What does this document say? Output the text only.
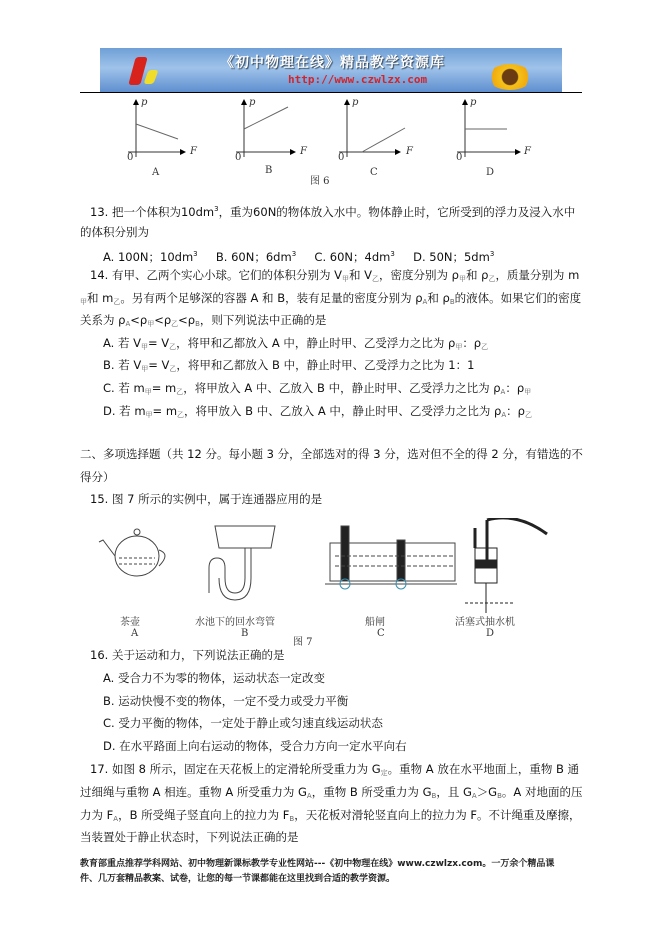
《初中物理在线》精品教学资源库
http://www.czwlzx.com
p	p	p	p
F	F	F	F
0	0	0	0
A	B	C	D
图 6
13. 把一个体积为$10dm^3$，重为60N的物体放入水中。物体静止时，它所受到的浮力及浸入水中
的体积分别为
A. 100N；$10dm^3$     B. 60N；$6dm^3$     C. 60N；$4dm^3$     D. 50N；$5dm^3$
14. 有甲、乙两个实心小球。它们的体积分别为 $V_甲$和 $V_乙$，密度分别为 $\rho_甲$和 $\rho_乙$，质量分别为 m
$_甲$和 $m_乙$。另有两个足够深的容器 A 和 B，装有足量的密度分别为 $\rho_A$和 $\rho_B$的液体。如果它们的密度
关系为 $\rho_A<\rho_甲<\rho_乙<\rho_B$，则下列说法中正确的是
A. 若 $V_甲= V_乙$，将甲和乙都放入 A 中，静止时甲、乙受浮力之比为 $\rho_甲$：$\rho_乙$
B. 若 $V_甲= V_乙$，将甲和乙都放入 B 中，静止时甲、乙受浮力之比为 1：1
C. 若 $m_甲= m_乙$，将甲放入 A 中、乙放入 B 中，静止时甲、乙受浮力之比为 $\rho_A$：$\rho_甲$
D. 若 $m_甲= m_乙$，将甲放入 B 中、乙放入 A 中，静止时甲、乙受浮力之比为 $\rho_A$：$\rho_乙$
二、多项选择题（共 12 分。每小题 3 分，全部选对的得 3 分，选对但不全的得 2 分，有错选的不
得分）
15. 图 7 所示的实例中，属于连通器应用的是
16. 关于运动和力，下列说法正确的是
A. 受合力不为零的物体，运动状态一定改变
B. 运动快慢不变的物体，一定不受力或受力平衡
C. 受力平衡的物体，一定处于静止或匀速直线运动状态
D. 在水平路面上向右运动的物体，受合力方向一定水平向右
17. 如图 8 所示，固定在天花板上的定滑轮所受重力为 $G_定$。重物 A 放在水平地面上，重物 B 通
过细绳与重物 A 相连。重物 A 所受重力为 $G_A$，重物 B 所受重力为 $G_B$，且 $G_A>G_B$。A 对地面的压
力为 $F_A$，B 所受绳子竖直向上的拉力为 $F_B$，天花板对滑轮竖直向上的拉力为 F。不计绳重及摩擦，
当装置处于静止状态时，下列说法正确的是
茶壶
A
水池下的回水弯管
B
船闸
C
活塞式抽水机
D
图 7
教育部重点推荐学科网站、初中物理新课标教学专业性网站---《初中物理在线》www.czwlzx.com。一万余个精品课
件、几万套精品教案、试卷，让您的每一节课都能在这里找到合适的教学资源。
